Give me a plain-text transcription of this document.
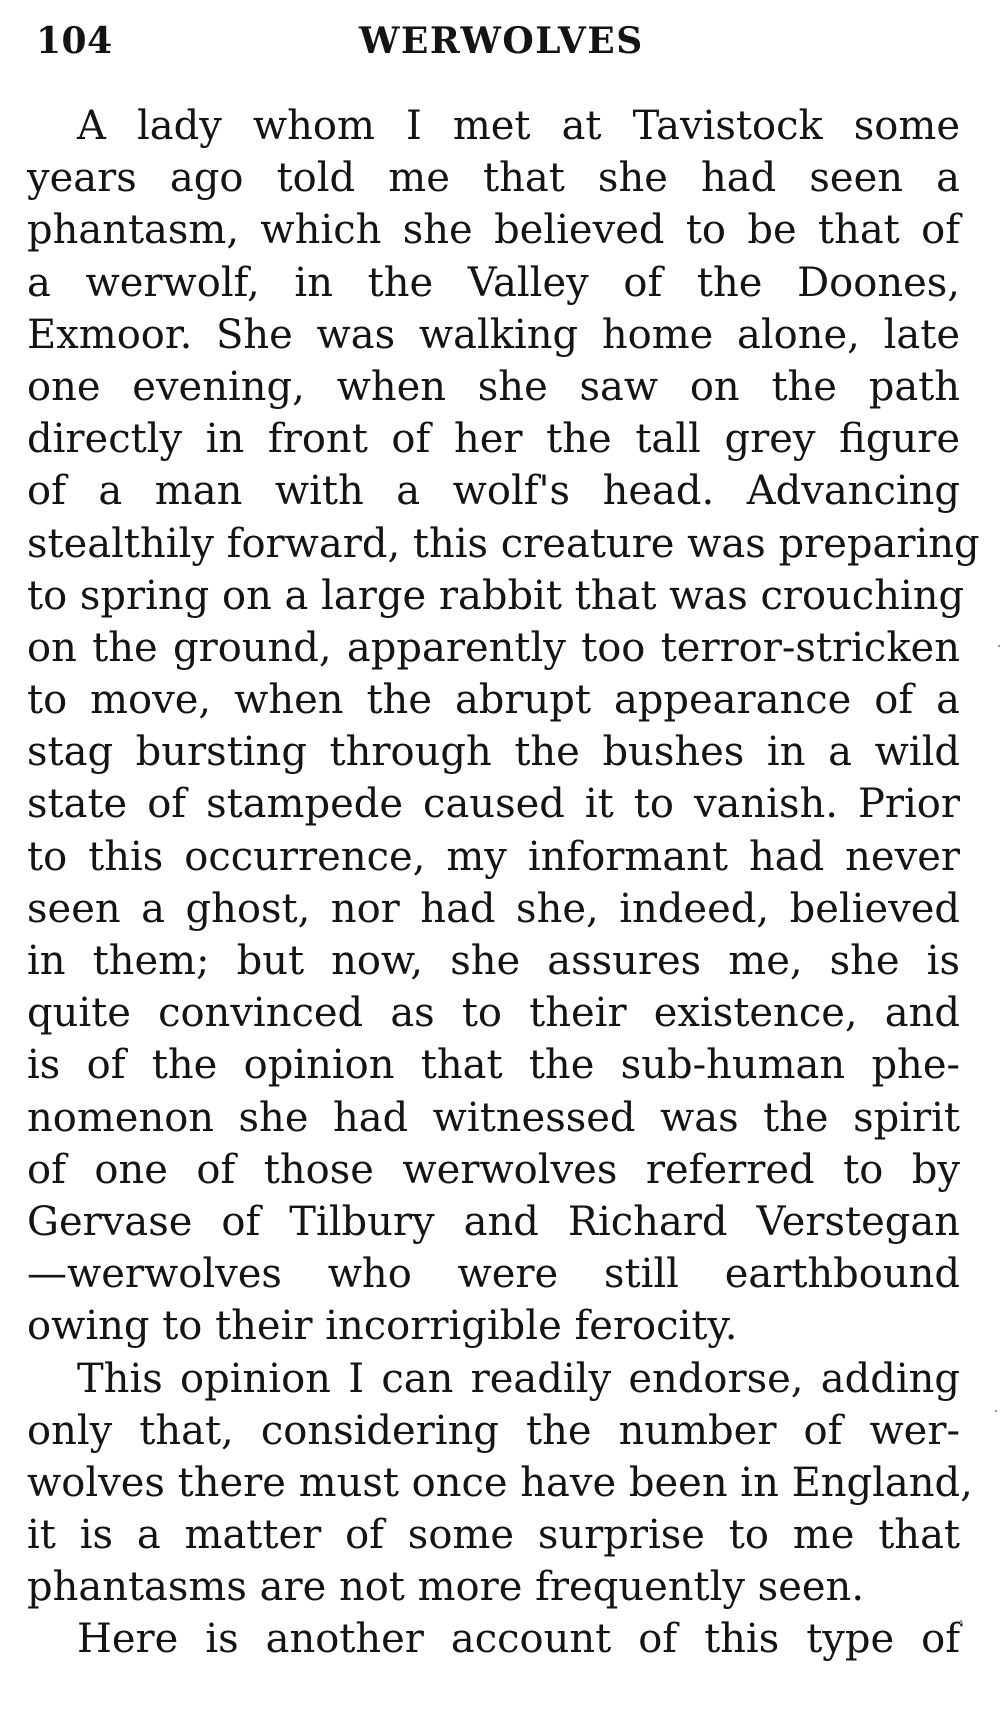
104	WERWOLVES
A lady whom I met at Tavistock some
years ago told me that she had seen a
phantasm, which she believed to be that of
a werwolf, in the Valley of the Doones,
Exmoor. She was walking home alone, late
one evening, when she saw on the path
directly in front of her the tall grey figure
of a man with a wolf's head. Advancing
stealthily forward, this creature was preparing
to spring on a large rabbit that was crouching
on the ground, apparently too terror-stricken
to move, when the abrupt appearance of a
stag bursting through the bushes in a wild
state of stampede caused it to vanish. Prior
to this occurrence, my informant had never
seen a ghost, nor had she, indeed, believed
in them; but now, she assures me, she is
quite convinced as to their existence, and
is of the opinion that the sub-human phe-
nomenon she had witnessed was the spirit
of one of those werwolves referred to by
Gervase of Tilbury and Richard Verstegan
—werwolves who were still earthbound
owing to their incorrigible ferocity.
This opinion I can readily endorse, adding
only that, considering the number of wer-
wolves there must once have been in England,
it is a matter of some surprise to me that
phantasms are not more frequently seen.
Here is another account of this type of
